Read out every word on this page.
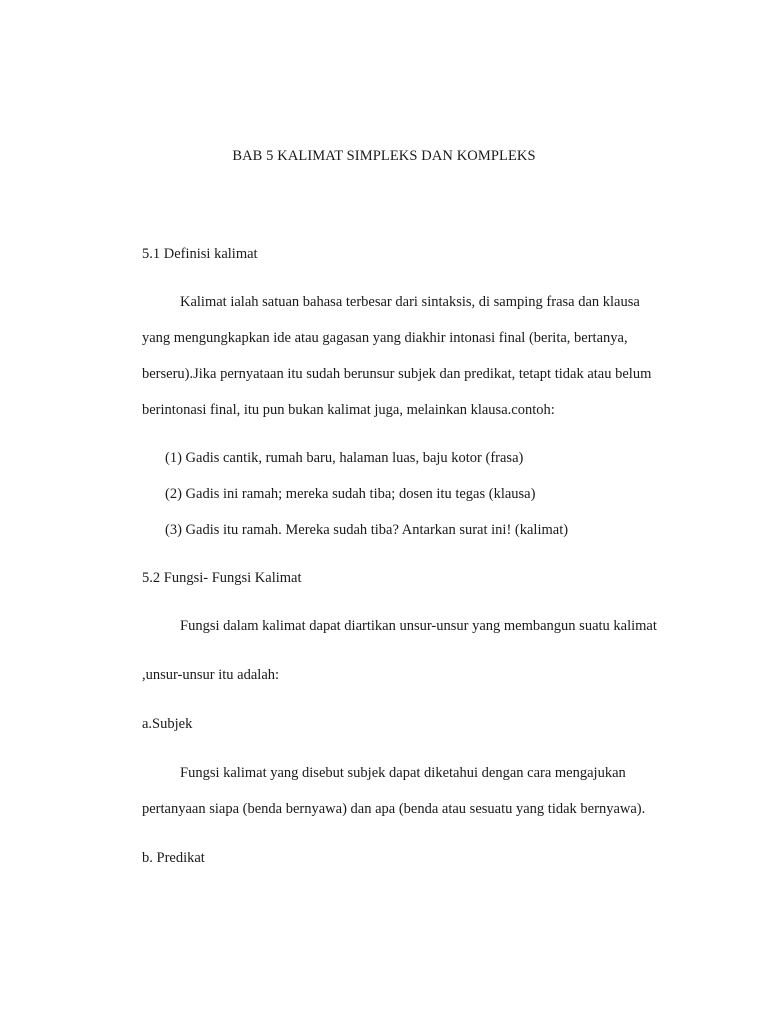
BAB 5 KALIMAT SIMPLEKS DAN KOMPLEKS
5.1 Definisi kalimat
Kalimat ialah satuan bahasa terbesar dari sintaksis, di samping frasa dan klausa
yang mengungkapkan ide atau gagasan yang diakhir intonasi final (berita, bertanya,
berseru).Jika pernyataan itu sudah berunsur subjek dan predikat, tetapt tidak atau belum
berintonasi final, itu pun bukan kalimat juga, melainkan klausa.contoh:
(1) Gadis cantik, rumah baru, halaman luas, baju kotor (frasa)
(2) Gadis ini ramah; mereka sudah tiba; dosen itu tegas (klausa)
(3) Gadis itu ramah. Mereka sudah tiba? Antarkan surat ini! (kalimat)
5.2 Fungsi- Fungsi Kalimat
Fungsi dalam kalimat dapat diartikan unsur-unsur yang membangun suatu kalimat
,unsur-unsur itu adalah:
a.Subjek
Fungsi kalimat yang disebut subjek dapat diketahui dengan cara mengajukan
pertanyaan siapa (benda bernyawa) dan apa (benda atau sesuatu yang tidak bernyawa).
b. Predikat
